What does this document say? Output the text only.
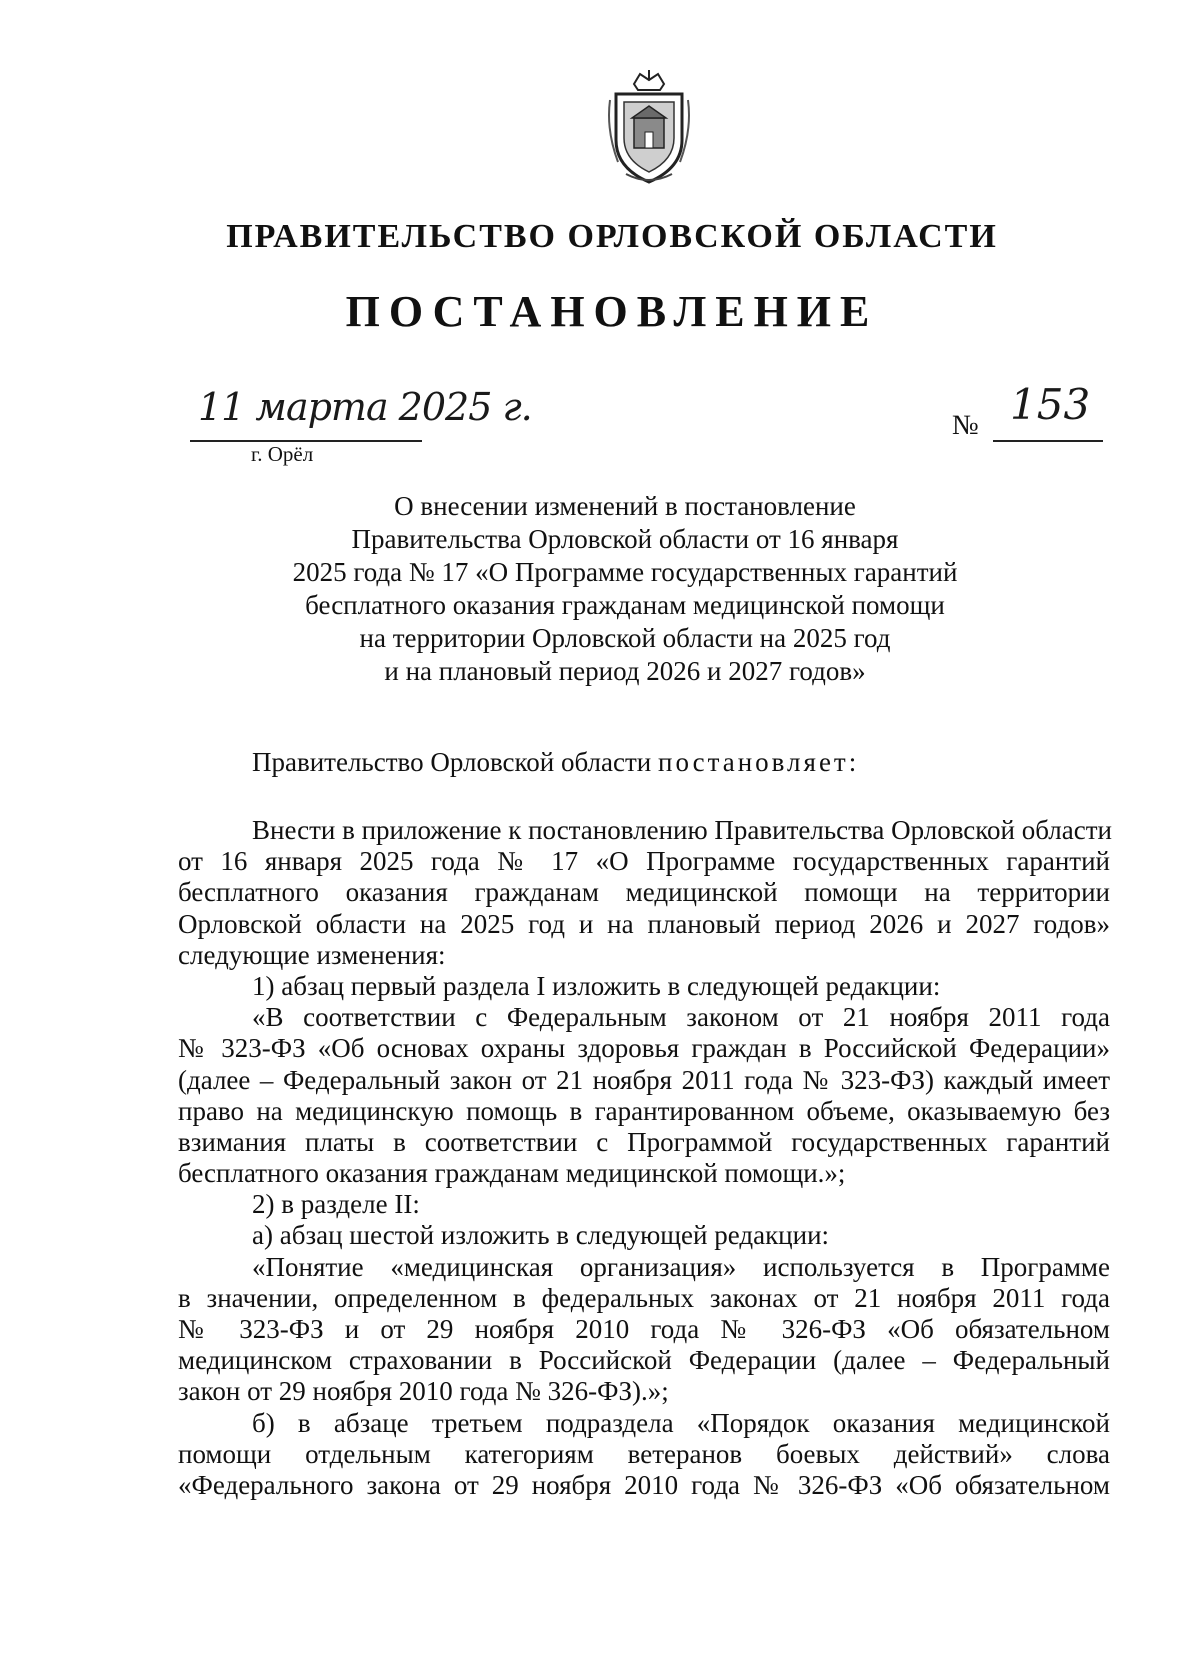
ПРАВИТЕЛЬСТВО ОРЛОВСКОЙ ОБЛАСТИ
ПОСТАНОВЛЕНИЕ
11 марта 2025 г.
г. Орёл
№ 153
О внесении изменений в постановление
Правительства Орловской области от 16 января
2025 года № 17 «О Программе государственных гарантий
бесплатного оказания гражданам медицинской помощи
на территории Орловской области на 2025 год
и на плановый период 2026 и 2027 годов»
Правительство Орловской области постановляет:
Внести в приложение к постановлению Правительства Орловской области
от 16 января 2025 года № 17 «О Программе государственных гарантий
бесплатного оказания гражданам медицинской помощи на территории
Орловской области на 2025 год и на плановый период 2026 и 2027 годов»
следующие изменения:
1) абзац первый раздела I изложить в следующей редакции:
«В соответствии с Федеральным законом от 21 ноября 2011 года
№ 323-ФЗ «Об основах охраны здоровья граждан в Российской Федерации»
(далее – Федеральный закон от 21 ноября 2011 года № 323-ФЗ) каждый имеет
право на медицинскую помощь в гарантированном объеме, оказываемую без
взимания платы в соответствии с Программой государственных гарантий
бесплатного оказания гражданам медицинской помощи.»;
2) в разделе II:
а) абзац шестой изложить в следующей редакции:
«Понятие «медицинская организация» используется в Программе
в значении, определенном в федеральных законах от 21 ноября 2011 года
№ 323-ФЗ и от 29 ноября 2010 года № 326-ФЗ «Об обязательном
медицинском страховании в Российской Федерации (далее – Федеральный
закон от 29 ноября 2010 года № 326-ФЗ).»;
б) в абзаце третьем подраздела «Порядок оказания медицинской
помощи отдельным категориям ветеранов боевых действий» слова
«Федерального закона от 29 ноября 2010 года № 326-ФЗ «Об обязательном
